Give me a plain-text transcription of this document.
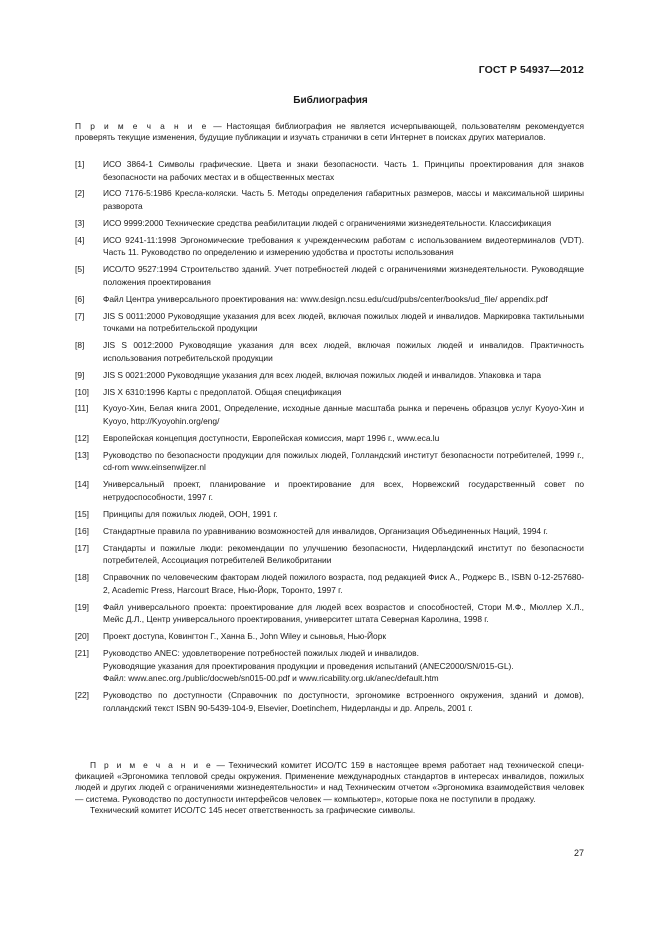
ГОСТ Р 54937—2012
Библиография
П р и м е ч а н и е — Настоящая библиография не является исчерпывающей, пользователям рекомендуется проверять текущие изменения, будущие публикации и изучать странички в сети Интернет в поисках других материалов.
[1]	ИСО 3864-1 Символы графические. Цвета и знаки безопасности. Часть 1. Принципы проектирования для знаков безопасности на рабочих местах и в общественных местах
[2]	ИСО 7176-5:1986 Кресла-коляски. Часть 5. Методы определения габаритных размеров, массы и максимальной ширины разворота
[3]	ИСО 9999:2000 Технические средства реабилитации людей с ограничениями жизнедеятельности. Классификация
[4]	ИСО 9241-11:1998 Эргономические требования к учрежденческим работам с использованием видеотерминалов (VDT). Часть 11. Руководство по определению и измерению удобства и простоты использования
[5]	ИСО/ТО 9527:1994 Строительство зданий. Учет потребностей людей с ограничениями жизнедеятельности. Руководящие положения проектирования
[6]	Файл Центра универсального проектирования на: www.design.ncsu.edu/cud/pubs/center/books/ud_file/ appendix.pdf
[7]	JIS S 0011:2000 Руководящие указания для всех людей, включая пожилых людей и инвалидов. Маркировка тактильными точками на потребительской продукции
[8]	JIS S 0012:2000 Руководящие указания для всех людей, включая пожилых людей и инвалидов. Практичность использования потребительской продукции
[9]	JIS S 0021:2000 Руководящие указания для всех людей, включая пожилых людей и инвалидов. Упаковка и тара
[10]	JIS X 6310:1996 Карты с предоплатой. Общая спецификация
[11]	Kyoyo-Хин, Белая книга 2001, Определение, исходные данные масштаба рынка и перечень образцов услуг Kyoyo-Хин и Kyoyo, http://Kyoyohin.org/eng/
[12]	Европейская концепция доступности, Европейская комиссия, март 1996 г., www.eca.lu
[13]	Руководство по безопасности продукции для пожилых людей, Голландский институт безопасности потребителей, 1999 г., cd-rom www.einsenwijzer.nl
[14]	Универсальный проект, планирование и проектирование для всех, Норвежский государственный совет по нетрудоспособности, 1997 г.
[15]	Принципы для пожилых людей, ООН, 1991 г.
[16]	Стандартные правила по уравниванию возможностей для инвалидов, Организация Объединенных Наций, 1994 г.
[17]	Стандарты и пожилые люди: рекомендации по улучшению безопасности, Нидерландский институт по безопасности потребителей, Ассоциация потребителей Великобритании
[18]	Справочник по человеческим факторам людей пожилого возраста, под редакцией Фиск А., Роджерс В., ISBN 0-12-257680-2, Academic Press, Harcourt Brace, Нью-Йорк, Торонто, 1997 г.
[19]	Файл универсального проекта: проектирование для людей всех возрастов и способностей, Стори М.Ф., Мюллер Х.Л., Мейс Д.Л., Центр универсального проектирования, университет штата Северная Каролина, 1998 г.
[20]	Проект доступа, Ковингтон Г., Ханна Б., John Wiley и сыновья, Нью-Йорк
[21]	Руководство ANEC: удовлетворение потребностей пожилых людей и инвалидов.
Руководящие указания для проектирования продукции и проведения испытаний (ANEC2000/SN/015-GL).
Файл: www.anec.org./public/docweb/sn015-00.pdf и www.ricability.org.uk/anec/default.htm
[22]	Руководство по доступности (Справочник по доступности, эргономике встроенного окружения, зданий и домов), голландский текст ISBN 90-5439-104-9, Elsevier, Doetinchem, Нидерланды и др. Апрель, 2001 г.

П р и м е ч а н и е — Технический комитет ИСО/ТС 159 в настоящее время работает над технической спецификацией «Эргономика тепловой среды окружения. Применение международных стандартов в интересах инвалидов, пожилых людей и других людей с ограничениями жизнедеятельности» и над Техническим отчетом «Эргономика взаимодействия человек — система. Руководство по доступности интерфейсов человек — компьютер», которые пока не поступили в продажу.

Технический комитет ИСО/ТС 145 несет ответственность за графические символы.

27
